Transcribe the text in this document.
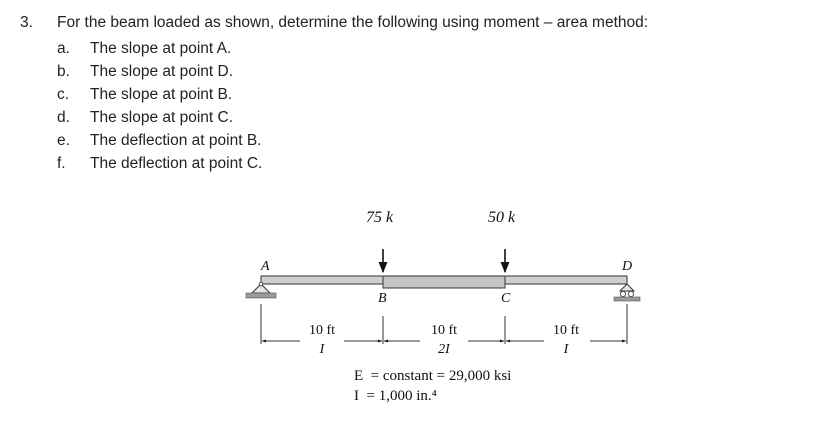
3. For the beam loaded as shown, determine the following using moment – area method:
a. The slope at point A.
b. The slope at point D.
c. The slope at point B.
d. The slope at point C.
e. The deflection at point B.
f. The deflection at point C.
75 k	50 k
A
B	C
D
10 ft
I
10 ft
2I
10 ft
I
E  = constant = 29,000 ksi
I  = 1,000 in.⁴
